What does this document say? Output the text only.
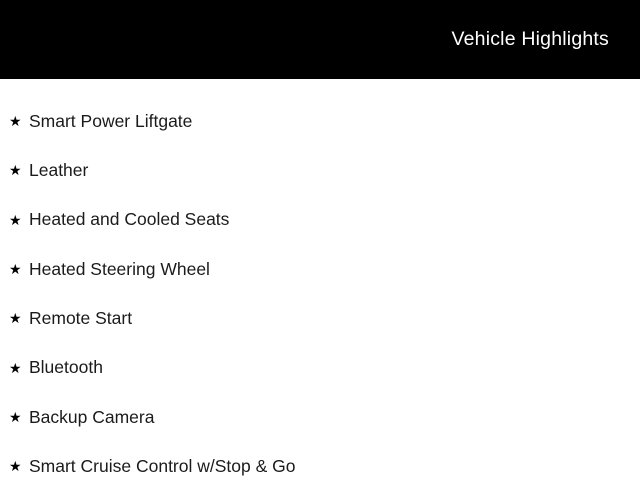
Vehicle Highlights
★ Smart Power Liftgate
★ Leather
★ Heated and Cooled Seats
★ Heated Steering Wheel
★ Remote Start
★ Bluetooth
★ Backup Camera
★ Smart Cruise Control w/Stop & Go
